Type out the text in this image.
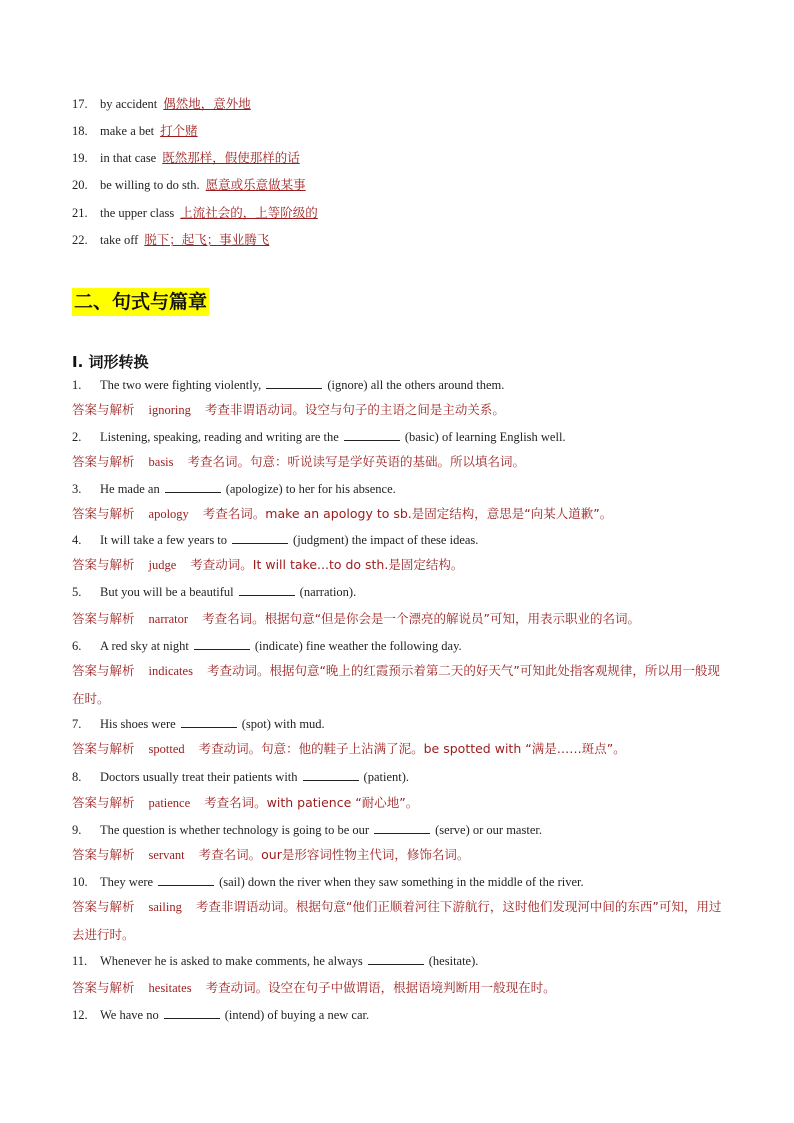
17. by accident 偶然地，意外地
18. make a bet 打个赌
19. in that case 既然那样，假使那样的话
20. be willing to do sth. 愿意或乐意做某事
21. the upper class 上流社会的，上等阶级的
22. take off 脱下；起飞；事业腾飞
二、句式与篇章
I. 词形转换
1. The two were fighting violently,	(ignore) all the others around them.
答案与解析 ignoring 考查非谓语动词。设空与句子的主语之间是主动关系。
2. Listening, speaking, reading and writing are the	(basic) of learning English well.
答案与解析 basis 考查名词。句意：听说读写是学好英语的基础。所以填名词。
3. He made an	(apologize) to her for his absence.
答案与解析 apology 考查名词。make an apology to sb.是固定结构，意思是“向某人道歉”。
4. It will take a few years to	(judgment) the impact of these ideas.
答案与解析 judge 考查动词。It will take...to do sth.是固定结构。
5. But you will be a beautiful	(narration).
答案与解析 narrator 考查名词。根据句意“但是你会是一个漂亮的解说员”可知，用表示职业的名词。
6. A red sky at night	(indicate) fine weather the following day.
答案与解析 indicates 考查动词。根据句意“晚上的红霞预示着第二天的好天气”可知此处指客观规律，所以用一般现在时。
7. His shoes were	(spot) with mud.
答案与解析 spotted 考查动词。句意：他的鞋子上沾满了泥。be spotted with “满是……斑点”。
8. Doctors usually treat their patients with	(patient).
答案与解析 patience 考查名词。with patience “耐心地”。
9. The question is whether technology is going to be our	(serve) or our master.
答案与解析 servant 考查名词。our是形容词性物主代词，修饰名词。
10. They were	(sail) down the river when they saw something in the middle of the river.
答案与解析 sailing 考查非谓语动词。根据句意“他们正顺着河往下游航行，这时他们发现河中间的东西”可知，用过去进行时。
11. Whenever he is asked to make comments, he always	(hesitate).
答案与解析 hesitates 考查动词。设空在句子中做谓语，根据语境判断用一般现在时。
12. We have no	(intend) of buying a new car.
